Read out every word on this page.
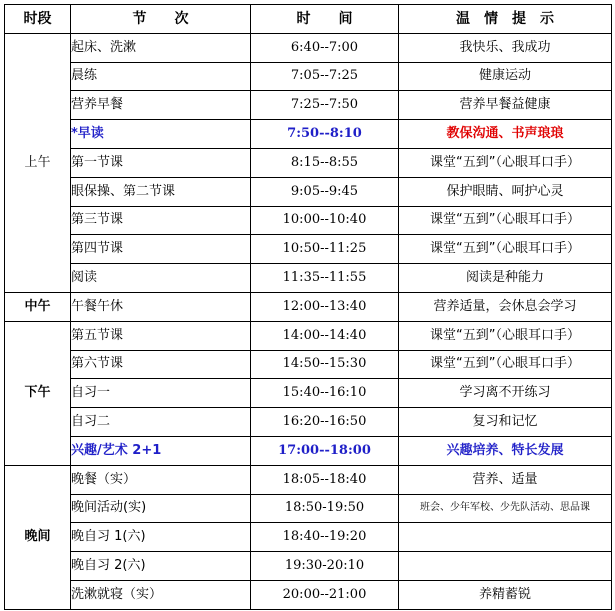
时段	节　　次	时　　间	温　情　提　示
上午	起床、洗漱	6:40--7:00	我快乐、我成功
	晨练	7:05--7:25	健康运动
	营养早餐	7:25--7:50	营养早餐益健康
	*早读	7:50--8:10	教保沟通、书声琅琅
	第一节课	8:15--8:55	课堂“五到”（心眼耳口手）
	眼保操、第二节课	9:05--9:45	保护眼睛、呵护心灵
	第三节课	10:00--10:40	课堂“五到”（心眼耳口手）
	第四节课	10:50--11:25	课堂“五到”（心眼耳口手）
	阅读	11:35--11:55	阅读是种能力
中午	午餐午休	12:00--13:40	营养适量，会休息会学习
下午	第五节课	14:00--14:40	课堂“五到”（心眼耳口手）
	第六节课	14:50--15:30	课堂“五到”（心眼耳口手）
	自习一	15:40--16:10	学习离不开练习
	自习二	16:20--16:50	复习和记忆
	兴趣/艺术 2+1	17:00--18:00	兴趣培养、特长发展
晚间	晚餐（实）	18:05--18:40	营养、适量
	晚间活动(实)	18:50-19:50	班会、少年军校、少先队活动、思品课
	晚自习 1(六)	18:40--19:20	
	晚自习 2(六)	19:30-20:10	
	洗漱就寝（实）	20:00--21:00	养精蓄锐
